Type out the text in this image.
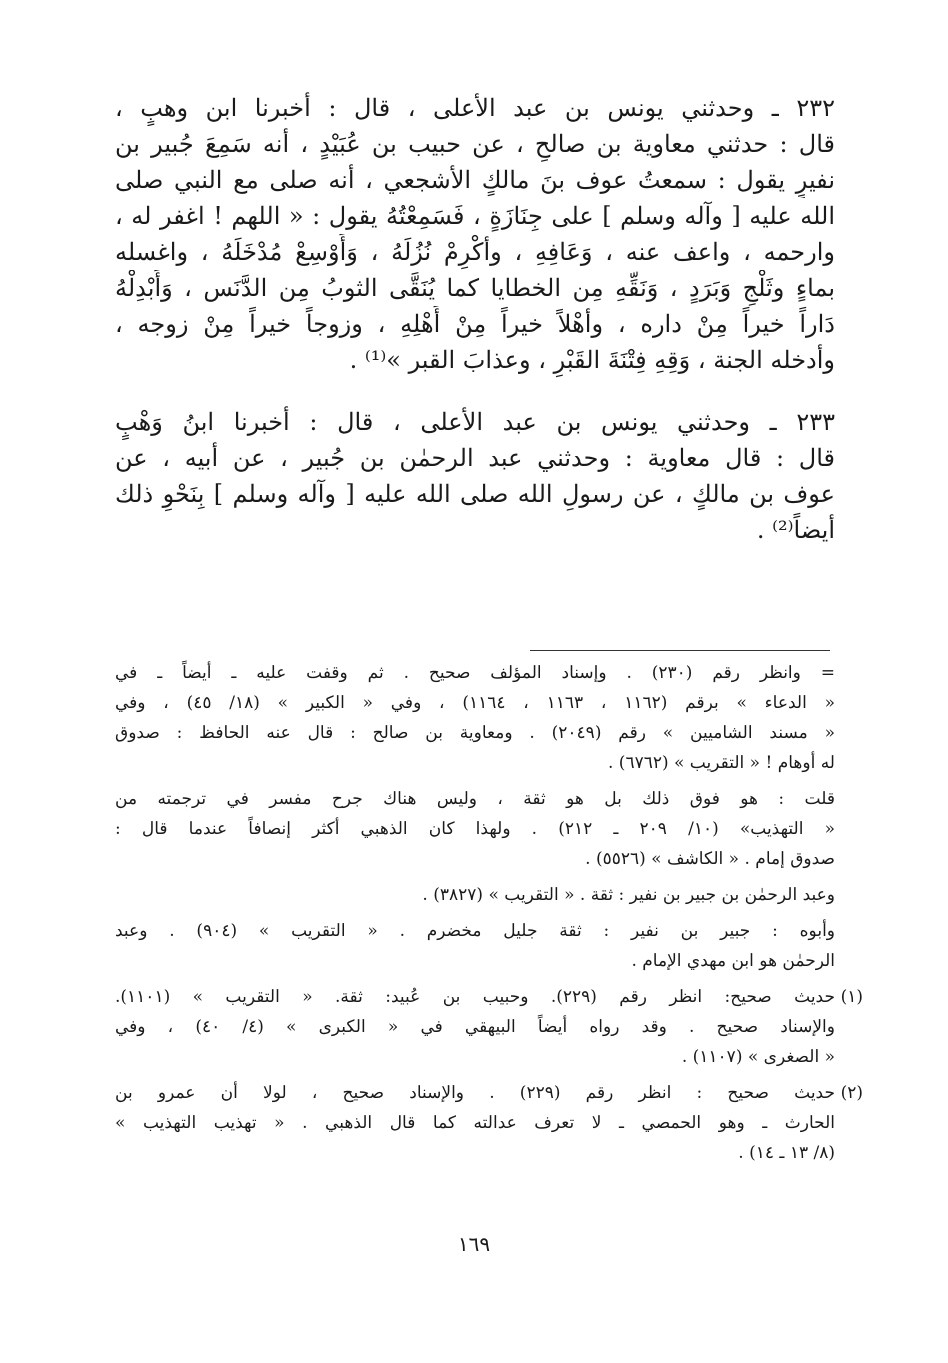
٢٣٢ ـ وحدثني يونس بن عبد الأعلى ، قال : أخبرنا ابن وهبٍ ،
قال : حدثني معاوية بن صالحٍ ، عن حبيب بن عُبَيْدٍ ، أنه سَمِعَ جُبير بن
نفيرٍ يقول : سمعتُ عوف بنَ مالكٍ الأشجعي ، أنه صلى مع النبي صلى
الله عليه [ وآله وسلم ] على جِنَازَةٍ ، فَسَمِعْتُهُ يقول : « اللهم ! اغفر له ،
وارحمه ، واعف عنه ، وَعَافِهِ ، وأكْرِمْ نُزُلَهُ ، وَأَوْسِعْ مُدْخَلَهُ ، واغسله
بماءٍ وثَلْجٍ وَبَرَدٍ ، وَنَقِّهِ مِن الخطايا كما يُنَقَّى الثوبُ مِن الدَّنَس ، وَأَبْدِلْهُ
دَاراً خيراً مِنْ داره ، وأهْلاً خيراً مِنْ أَهْلِهِ ، وزوجاً خيراً مِنْ زوجه ،
وأدخله الجنة ، وَقِهِ فِتْنَةَ القَبْرِ ، وعذابَ القبر »⁽¹⁾ .
٢٣٣ ـ وحدثني يونس بن عبد الأعلى ، قال : أخبرنا ابنُ وَهْبٍ
قال : قال معاوية : وحدثني عبد الرحمٰن بن جُبير ، عن أبيه ، عن
عوف بن مالكٍ ، عن رسولِ الله صلى الله عليه [ وآله وسلم ] بِنَحْوِ ذلك
أيضاً⁽²⁾ .
= وانظر رقم (٢٣٠) . وإسناد المؤلف صحيح . ثم وقفت عليه ـ أيضاً ـ في
« الدعاء » برقم (١١٦٢ ، ١١٦٣ ، ١١٦٤) ، وفي « الكبير » (١٨/ ٤٥) ، وفي
« مسند الشاميين » رقم (٢٠٤٩) . ومعاوية بن صالح : قال عنه الحافظ : صدوق
له أوهام ! « التقريب » (٦٧٦٢) .
قلت : هو فوق ذلك بل هو ثقة ، وليس هناك جرح مفسر في ترجمته من
« التهذيب» (١٠/ ٢٠٩ ـ ٢١٢) . ولهذا كان الذهبي أكثر إنصافاً عندما قال :
صدوق إمام . « الكاشف » (٥٥٢٦) .
وعبد الرحمٰن بن جبير بن نفير : ثقة . « التقريب » (٣٨٢٧) .
وأبوه : جبير بن نفير : ثقة جليل مخضرم . « التقريب » (٩٠٤) . وعبد
الرحمٰن هو ابن مهدي الإمام .
(١)
حديث صحيح: انظر رقم (٢٢٩). وحبيب بن عُبيد: ثقة. « التقريب » (١١٠١).
والإسناد صحيح . وقد رواه أيضاً البيهقي في « الكبرى » (٤/ ٤٠) ، وفي
« الصغرى » (١١٠٧) .
(٢)
حديث صحيح : انظر رقم (٢٢٩) . والإسناد صحيح ، لولا أن عمرو بن
الحارث ـ وهو الحمصي ـ لا تعرف عدالته كما قال الذهبي . « تهذيب التهذيب »
(٨/ ١٣ ـ ١٤) .
١٦٩
